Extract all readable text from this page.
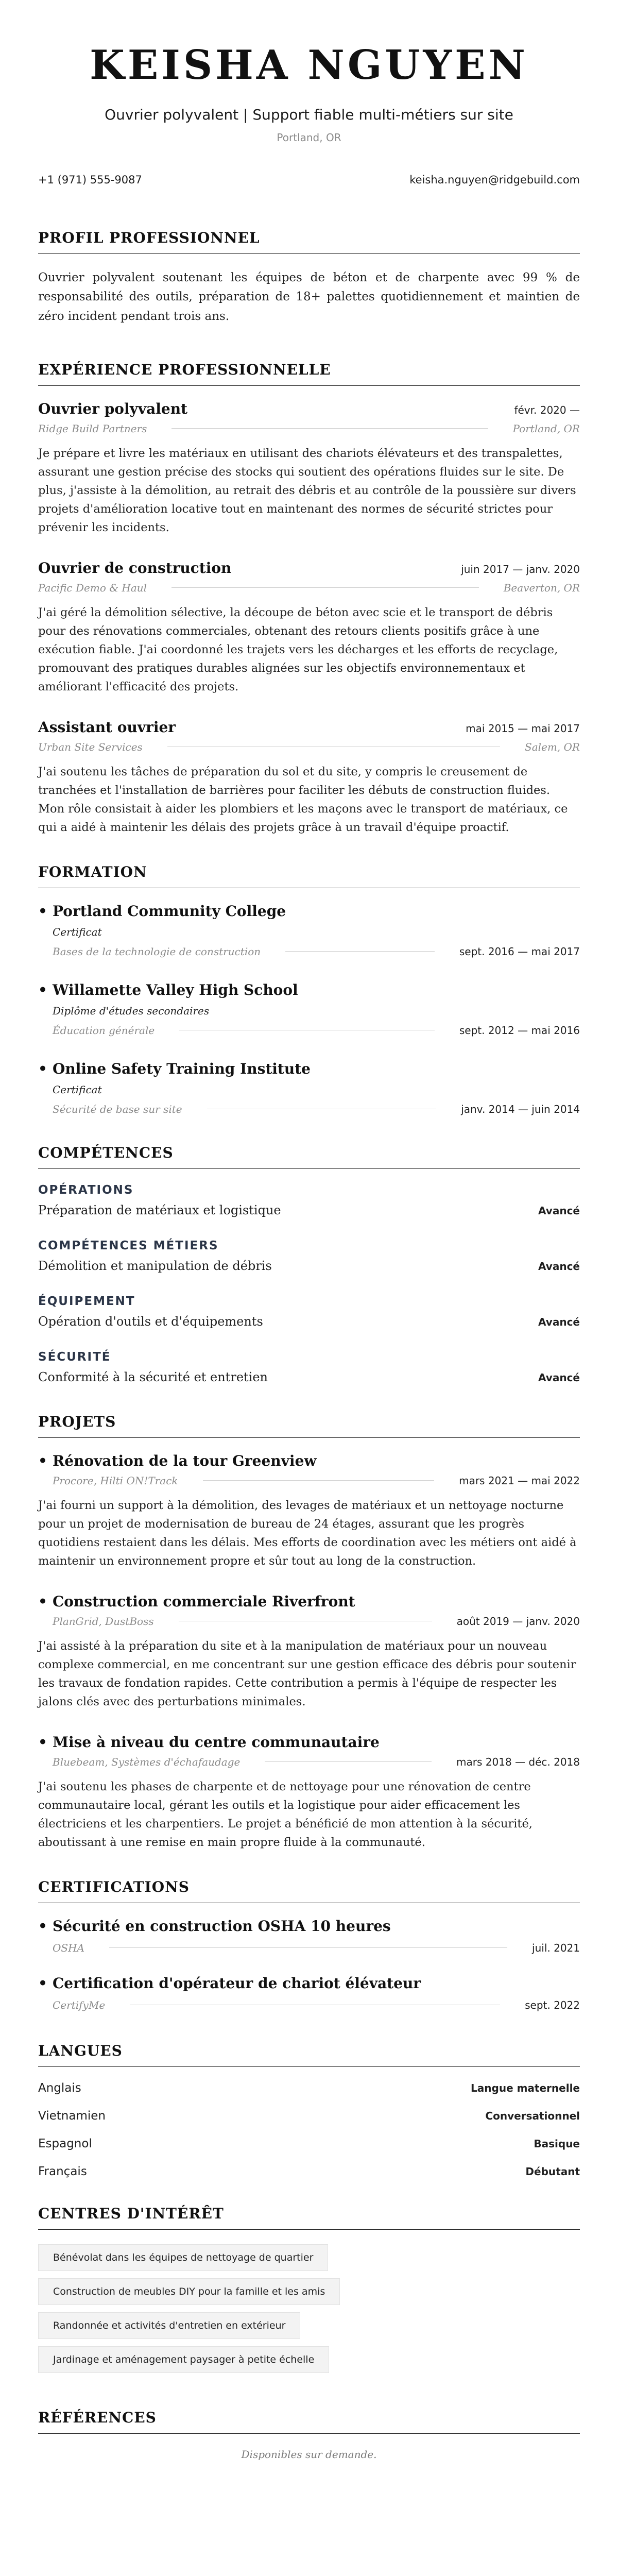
KEISHA NGUYEN
Ouvrier polyvalent | Support fiable multi-métiers sur site
Portland, OR
+1 (971) 555-9087	keisha.nguyen@ridgebuild.com
PROFIL PROFESSIONNEL

Ouvrier polyvalent soutenant les équipes de béton et de charpente avec 99 % de responsabilité des outils, préparation de 18+ palettes quotidiennement et maintien de zéro incident pendant trois ans.

EXPÉRIENCE PROFESSIONNELLE
Ouvrier polyvalent	févr. 2020 —
Ridge Build Partners	Portland, OR
Je prépare et livre les matériaux en utilisant des chariots élévateurs et des transpalettes, assurant une gestion précise des stocks qui soutient des opérations fluides sur le site. De plus, j'assiste à la démolition, au retrait des débris et au contrôle de la poussière sur divers projets d'amélioration locative tout en maintenant des normes de sécurité strictes pour prévenir les incidents.
Ouvrier de construction	juin 2017 — janv. 2020
Pacific Demo & Haul	Beaverton, OR
J'ai géré la démolition sélective, la découpe de béton avec scie et le transport de débris pour des rénovations commerciales, obtenant des retours clients positifs grâce à une exécution fiable. J'ai coordonné les trajets vers les décharges et les efforts de recyclage, promouvant des pratiques durables alignées sur les objectifs environnementaux et améliorant l'efficacité des projets.
Assistant ouvrier	mai 2015 — mai 2017
Urban Site Services	Salem, OR
J'ai soutenu les tâches de préparation du sol et du site, y compris le creusement de tranchées et l'installation de barrières pour faciliter les débuts de construction fluides. Mon rôle consistait à aider les plombiers et les maçons avec le transport de matériaux, ce qui a aidé à maintenir les délais des projets grâce à un travail d'équipe proactif.
FORMATION
• Portland Community College
Certificat
Bases de la technologie de construction	sept. 2016 — mai 2017
• Willamette Valley High School
Diplôme d'études secondaires
Éducation générale	sept. 2012 — mai 2016
• Online Safety Training Institute
Certificat
Sécurité de base sur site	janv. 2014 — juin 2014
COMPÉTENCES
OPÉRATIONS
Préparation de matériaux et logistique	Avancé
COMPÉTENCES MÉTIERS
Démolition et manipulation de débris	Avancé
ÉQUIPEMENT
Opération d'outils et d'équipements	Avancé
SÉCURITÉ
Conformité à la sécurité et entretien	Avancé
PROJETS
• Rénovation de la tour Greenview
Procore, Hilti ON!Track	mars 2021 — mai 2022
J'ai fourni un support à la démolition, des levages de matériaux et un nettoyage nocturne pour un projet de modernisation de bureau de 24 étages, assurant que les progrès quotidiens restaient dans les délais. Mes efforts de coordination avec les métiers ont aidé à maintenir un environnement propre et sûr tout au long de la construction.
• Construction commerciale Riverfront
PlanGrid, DustBoss	août 2019 — janv. 2020
J'ai assisté à la préparation du site et à la manipulation de matériaux pour un nouveau complexe commercial, en me concentrant sur une gestion efficace des débris pour soutenir les travaux de fondation rapides. Cette contribution a permis à l'équipe de respecter les jalons clés avec des perturbations minimales.
• Mise à niveau du centre communautaire
Bluebeam, Systèmes d'échafaudage	mars 2018 — déc. 2018
J'ai soutenu les phases de charpente et de nettoyage pour une rénovation de centre communautaire local, gérant les outils et la logistique pour aider efficacement les électriciens et les charpentiers. Le projet a bénéficié de mon attention à la sécurité, aboutissant à une remise en main propre fluide à la communauté.
CERTIFICATIONS
• Sécurité en construction OSHA 10 heures
OSHA	juil. 2021
• Certification d'opérateur de chariot élévateur
CertifyMe	sept. 2022
LANGUES
Anglais	Langue maternelle
Vietnamien	Conversationnel
Espagnol	Basique
Français	Débutant
CENTRES D'INTÉRÊT
Bénévolat dans les équipes de nettoyage de quartier
Construction de meubles DIY pour la famille et les amis
Randonnée et activités d'entretien en extérieur
Jardinage et aménagement paysager à petite échelle
RÉFÉRENCES
Disponibles sur demande.
